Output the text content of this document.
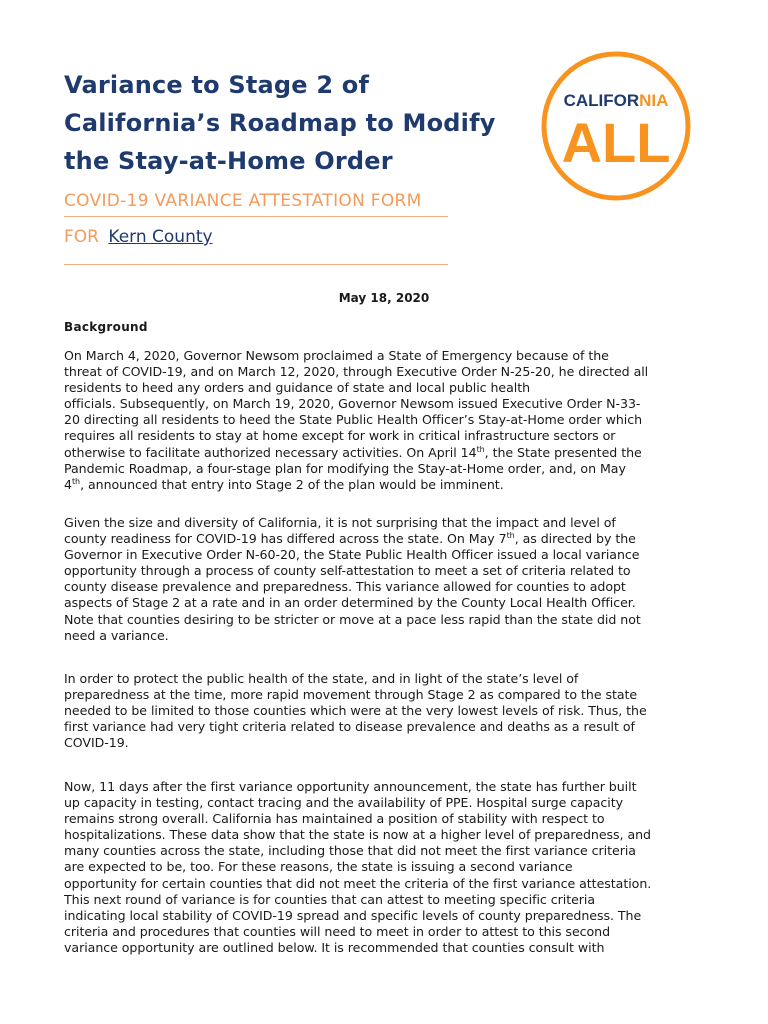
Variance to Stage 2 of
California’s Roadmap to Modify
the Stay-at-Home Order
COVID-19 VARIANCE ATTESTATION FORM
FOR Kern County
CALIFORNIA
ALL
May 18, 2020
Background
On March 4, 2020, Governor Newsom proclaimed a State of Emergency because of the
threat of COVID-19, and on March 12, 2020, through Executive Order N-25-20, he directed all
residents to heed any orders and guidance of state and local public health
officials. Subsequently, on March 19, 2020, Governor Newsom issued Executive Order N-33-
20 directing all residents to heed the State Public Health Officer’s Stay-at-Home order which
requires all residents to stay at home except for work in critical infrastructure sectors or
otherwise to facilitate authorized necessary activities. On April 14th, the State presented the
Pandemic Roadmap, a four-stage plan for modifying the Stay-at-Home order, and, on May
4th, announced that entry into Stage 2 of the plan would be imminent.
Given the size and diversity of California, it is not surprising that the impact and level of
county readiness for COVID-19 has differed across the state. On May 7th, as directed by the
Governor in Executive Order N-60-20, the State Public Health Officer issued a local variance
opportunity through a process of county self-attestation to meet a set of criteria related to
county disease prevalence and preparedness. This variance allowed for counties to adopt
aspects of Stage 2 at a rate and in an order determined by the County Local Health Officer.
Note that counties desiring to be stricter or move at a pace less rapid than the state did not
need a variance.
In order to protect the public health of the state, and in light of the state’s level of
preparedness at the time, more rapid movement through Stage 2 as compared to the state
needed to be limited to those counties which were at the very lowest levels of risk. Thus, the
first variance had very tight criteria related to disease prevalence and deaths as a result of
COVID-19.
Now, 11 days after the first variance opportunity announcement, the state has further built
up capacity in testing, contact tracing and the availability of PPE. Hospital surge capacity
remains strong overall. California has maintained a position of stability with respect to
hospitalizations. These data show that the state is now at a higher level of preparedness, and
many counties across the state, including those that did not meet the first variance criteria
are expected to be, too. For these reasons, the state is issuing a second variance
opportunity for certain counties that did not meet the criteria of the first variance attestation.
This next round of variance is for counties that can attest to meeting specific criteria
indicating local stability of COVID-19 spread and specific levels of county preparedness. The
criteria and procedures that counties will need to meet in order to attest to this second
variance opportunity are outlined below. It is recommended that counties consult with
